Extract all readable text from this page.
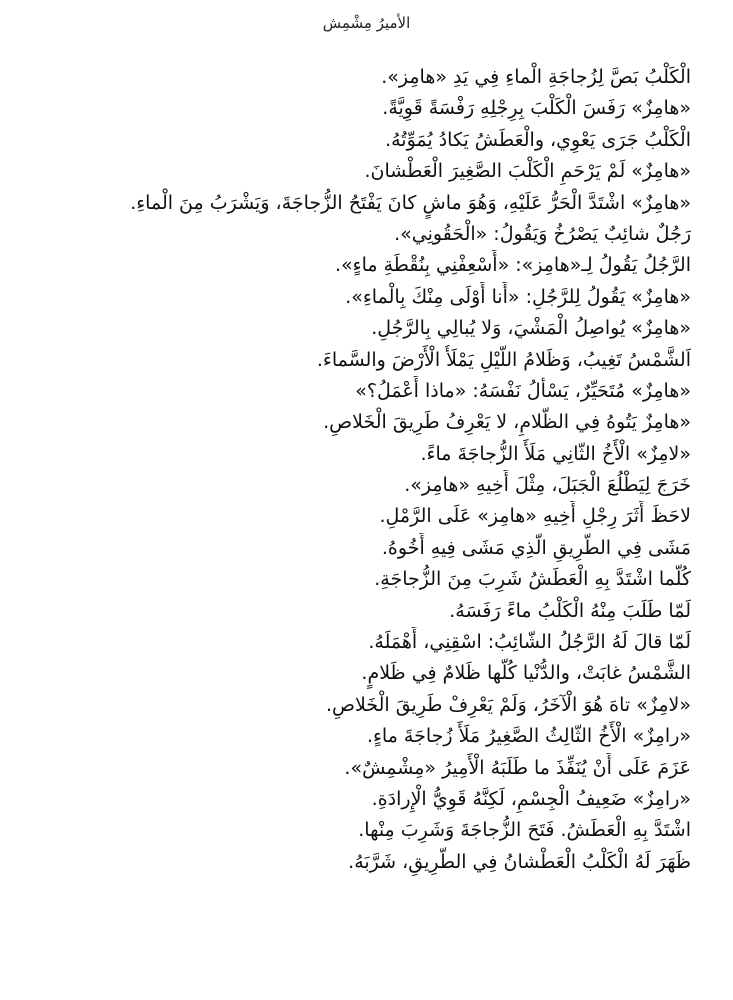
الأميرُ مِشْمِش
الْكَلْبُ بَصَّ لِزُجاجَةِ الْماءِ فِي يَدِ «هامِز».
«هامِزٌ» رَفَسَ الْكَلْبَ بِرِجْلِهِ رَفْسَةً قَوِيَّةً.
الْكَلْبُ جَرَى يَعْوِي، والْعَطَشُ يَكادُ يُمَوِّتُهُ.
«هامِزٌ» لَمْ يَرْحَمِ الْكَلْبَ الصَّغِيرَ الْعَطْشانَ.
«هامِزٌ» اشْتَدَّ الْحَرُّ عَلَيْهِ، وَهُوَ ماشٍ كانَ يَفْتَحُ الزُّجاجَةَ، وَيَشْرَبُ مِنَ الْماءِ.
رَجُلٌ شائِبٌ يَصْرُخُ وَيَقُولُ: «الْحَقُونِي».
الرَّجُلُ يَقُولُ لِـ«هامِز»: «أَسْعِفْنِي بِنُقْطَةِ ماءٍ».
«هامِزٌ» يَقُولُ لِلرَّجُلِ: «أَنا أَوْلَى مِنْكَ بِالْماءِ».
«هامِزٌ» يُواصِلُ الْمَشْيَ، وَلا يُبالِي بِالرَّجُلِ.
اَلشَّمْسُ تَغِيبُ، وَظَلامُ اللَّيْلِ يَمْلَأُ الْأَرْضَ والسَّماءَ.
«هامِزٌ» مُتَحَيِّرٌ، يَسْأَلُ نَفْسَهُ: «ماذا أَعْمَلُ؟»
«هامِزٌ يَتُوهُ فِي الظَّلامِ، لا يَعْرِفُ طَرِيقَ الْخَلاصِ.
«لامِزٌ» الْأَخُ الثّانِي مَلَأَ الزُّجاجَةَ ماءً.
خَرَجَ لِيَطْلُعَ الْجَبَلَ، مِثْلَ أَخِيهِ «هامِز».
لاحَظَ أَثَرَ رِجْلِ أَخِيهِ «هامِز» عَلَى الرَّمْلِ.
مَشَى فِي الطَّرِيقِ الَّذِي مَشَى فِيهِ أَخُوهُ.
كُلَّما اشْتَدَّ بِهِ الْعَطَشُ شَرِبَ مِنَ الزُّجاجَةِ.
لَمّا طَلَبَ مِنْهُ الْكَلْبُ ماءً رَفَسَهُ.
لَمّا قالَ لَهُ الرَّجُلُ الشّائِبُ: اسْقِنِي، أَهْمَلَهُ.
الشَّمْسُ غابَتْ، والدُّنْيا كُلُّها ظَلامٌ فِي ظَلامٍ.
«لامِزٌ» تاهَ هُوَ الْآخَرُ، وَلَمْ يَعْرِفْ طَرِيقَ الْخَلاصِ.
«رامِزٌ» الْأَخُ الثّالِثُ الصَّغِيرُ مَلَأَ زُجاجَةَ ماءٍ.
عَزَمَ عَلَى أَنْ يُنَفِّذَ ما طَلَبَهُ الْأَمِيرُ «مِشْمِشٌ».
«رامِزٌ» ضَعِيفُ الْجِسْمِ، لَكِنَّهُ قَوِيُّ الْإِرادَةِ.
اشْتَدَّ بِهِ الْعَطَشُ. فَتَحَ الزُّجاجَةَ وَشَرِبَ مِنْها.
ظَهَرَ لَهُ الْكَلْبُ الْعَطْشانُ فِي الطَّرِيقِ، شَرَّبَهُ.
